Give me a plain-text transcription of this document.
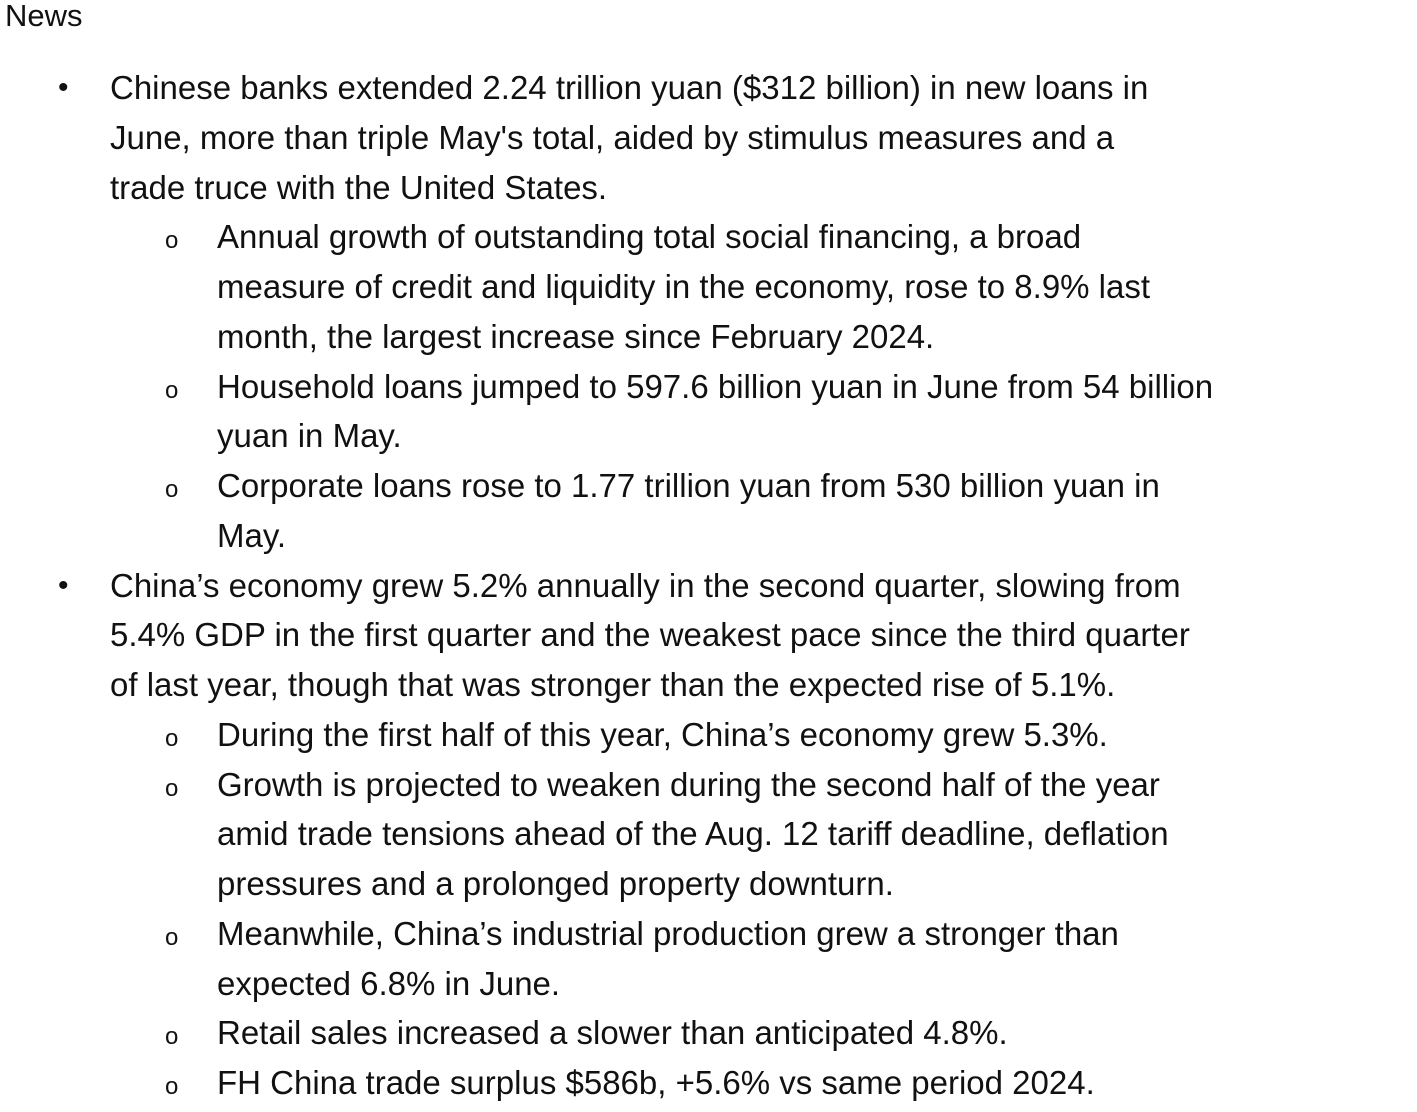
News
•	Chinese banks extended 2.24 trillion yuan ($312 billion) in new loans in
June, more than triple May's total, aided by stimulus measures and a
trade truce with the United States.
o	Annual growth of outstanding total social financing, a broad
measure of credit and liquidity in the economy, rose to 8.9% last
month, the largest increase since February 2024.
o	Household loans jumped to 597.6 billion yuan in June from 54 billion
yuan in May.
o	Corporate loans rose to 1.77 trillion yuan from 530 billion yuan in
May.
•	China’s economy grew 5.2% annually in the second quarter, slowing from
5.4% GDP in the first quarter and the weakest pace since the third quarter
of last year, though that was stronger than the expected rise of 5.1%.
o	During the first half of this year, China’s economy grew 5.3%.
o	Growth is projected to weaken during the second half of the year
amid trade tensions ahead of the Aug. 12 tariff deadline, deflation
pressures and a prolonged property downturn.
o	Meanwhile, China’s industrial production grew a stronger than
expected 6.8% in June.
o	Retail sales increased a slower than anticipated 4.8%.
o	FH China trade surplus $586b, +5.6% vs same period 2024.
